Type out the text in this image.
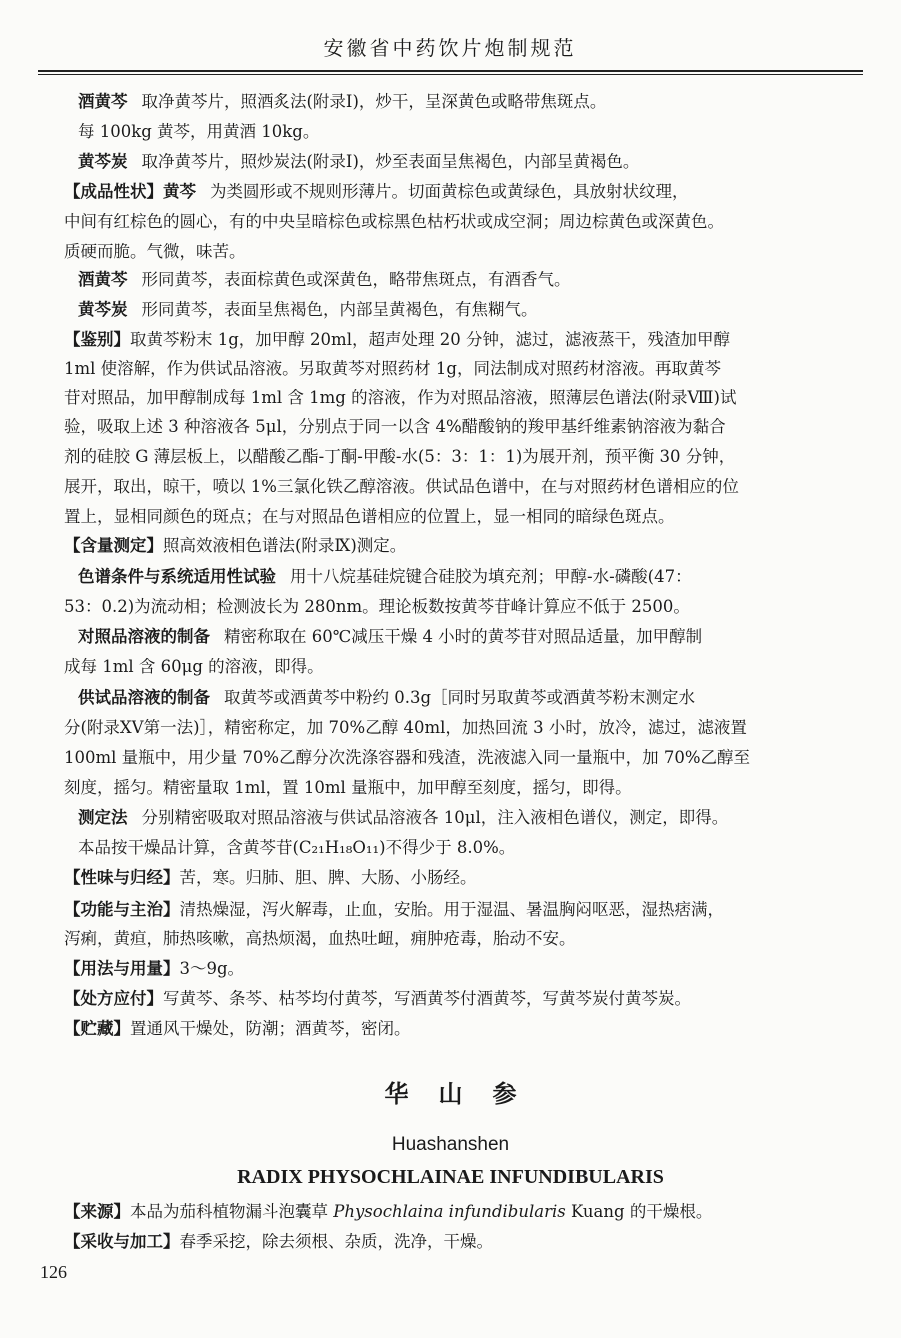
安徽省中药饮片炮制规范
酒黄芩 取净黄芩片，照酒炙法(附录Ⅰ)，炒干，呈深黄色或略带焦斑点。
每 100kg 黄芩，用黄酒 10kg。
黄芩炭 取净黄芩片，照炒炭法(附录Ⅰ)，炒至表面呈焦褐色，内部呈黄褐色。
【成品性状】黄芩 为类圆形或不规则形薄片。切面黄棕色或黄绿色，具放射状纹理，
中间有红棕色的圆心，有的中央呈暗棕色或棕黑色枯朽状或成空洞；周边棕黄色或深黄色。
质硬而脆。气微，味苦。
酒黄芩 形同黄芩，表面棕黄色或深黄色，略带焦斑点，有酒香气。
黄芩炭 形同黄芩，表面呈焦褐色，内部呈黄褐色，有焦糊气。
【鉴别】取黄芩粉末 1g，加甲醇 20ml，超声处理 20 分钟，滤过，滤液蒸干，残渣加甲醇
1ml 使溶解，作为供试品溶液。另取黄芩对照药材 1g，同法制成对照药材溶液。再取黄芩
苷对照品，加甲醇制成每 1ml 含 1mg 的溶液，作为对照品溶液，照薄层色谱法(附录Ⅷ)试
验，吸取上述 3 种溶液各 5μl，分别点于同一以含 4%醋酸钠的羧甲基纤维素钠溶液为黏合
剂的硅胶 G 薄层板上，以醋酸乙酯-丁酮-甲酸-水(5：3：1：1)为展开剂，预平衡 30 分钟，
展开，取出，晾干，喷以 1%三氯化铁乙醇溶液。供试品色谱中，在与对照药材色谱相应的位
置上，显相同颜色的斑点；在与对照品色谱相应的位置上，显一相同的暗绿色斑点。
【含量测定】照高效液相色谱法(附录Ⅸ)测定。
色谱条件与系统适用性试验 用十八烷基硅烷键合硅胶为填充剂；甲醇-水-磷酸(47：
53：0.2)为流动相；检测波长为 280nm。理论板数按黄芩苷峰计算应不低于 2500。
对照品溶液的制备 精密称取在 60℃减压干燥 4 小时的黄芩苷对照品适量，加甲醇制
成每 1ml 含 60μg 的溶液，即得。
供试品溶液的制备 取黄芩或酒黄芩中粉约 0.3g［同时另取黄芩或酒黄芩粉末测定水
分(附录ⅩⅤ第一法)］，精密称定，加 70%乙醇 40ml，加热回流 3 小时，放冷，滤过，滤液置
100ml 量瓶中，用少量 70%乙醇分次洗涤容器和残渣，洗液滤入同一量瓶中，加 70%乙醇至
刻度，摇匀。精密量取 1ml，置 10ml 量瓶中，加甲醇至刻度，摇匀，即得。
测定法 分别精密吸取对照品溶液与供试品溶液各 10μl，注入液相色谱仪，测定，即得。
本品按干燥品计算，含黄芩苷(C₂₁H₁₈O₁₁)不得少于 8.0%。
【性味与归经】苦，寒。归肺、胆、脾、大肠、小肠经。
【功能与主治】清热燥湿，泻火解毒，止血，安胎。用于湿温、暑温胸闷呕恶，湿热痞满，
泻痢，黄疸，肺热咳嗽，高热烦渴，血热吐衄，痈肿疮毒，胎动不安。
【用法与用量】3～9g。
【处方应付】写黄芩、条芩、枯芩均付黄芩，写酒黄芩付酒黄芩，写黄芩炭付黄芩炭。
【贮藏】置通风干燥处，防潮；酒黄芩，密闭。
华山参
Huashanshen
RADIX PHYSOCHLAINAE INFUNDIBULARIS
【来源】本品为茄科植物漏斗泡囊草 Physochlaina infundibularis Kuang 的干燥根。
【采收与加工】春季采挖，除去须根、杂质，洗净，干燥。
126
